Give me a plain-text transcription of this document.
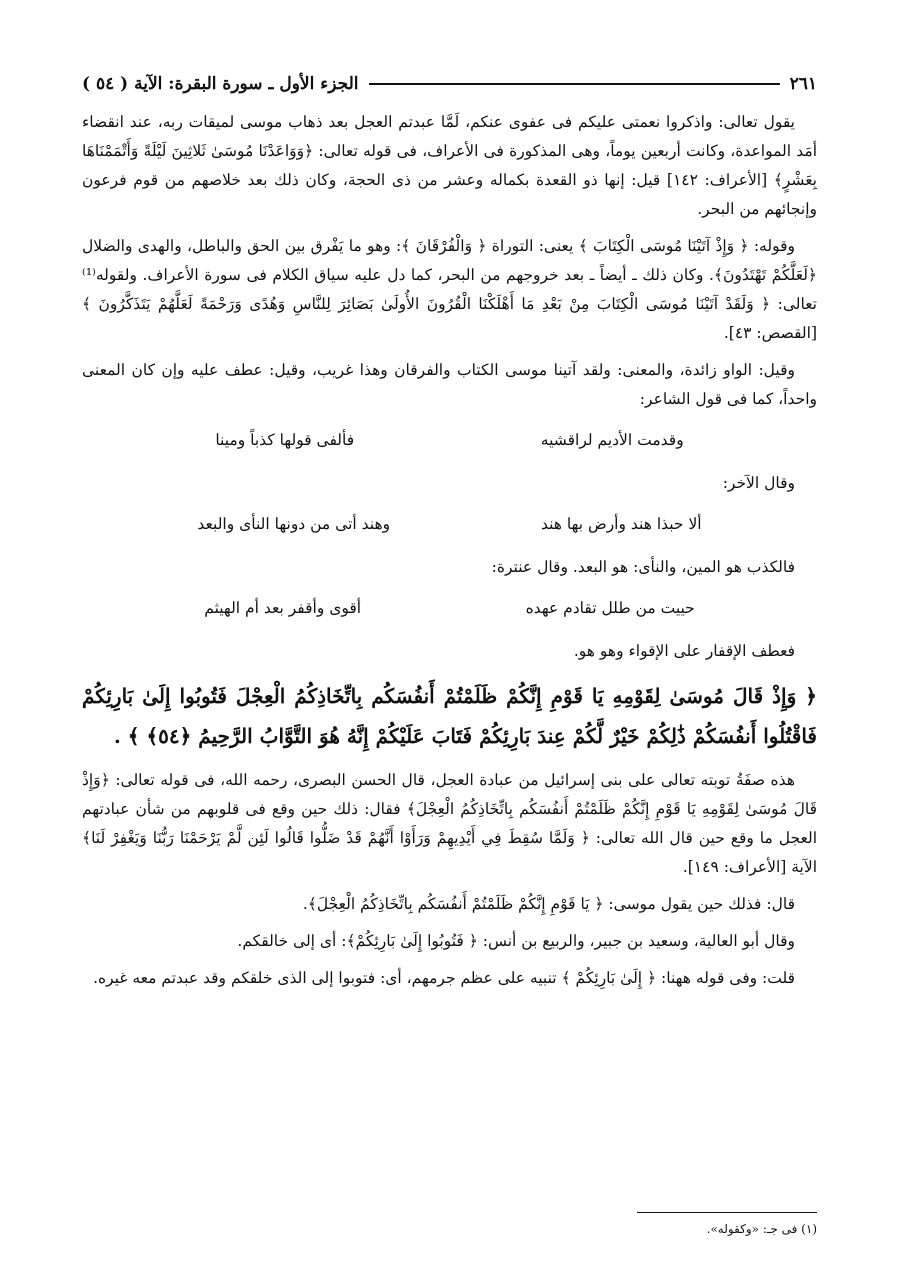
الجزء الأول ـ سورة البقرة: الآية ( ٥٤ )	٢٦١

يقول تعالى: واذكروا نعمتى عليكم فى عفوى عنكم، لَمَّا عبدتم العجل بعد ذهاب موسى لميقات ربه، عند انقضاء أمَد المواعدة، وكانت أربعين يوماً، وهى المذكورة فى الأعراف، فى قوله تعالى: ﴿وَوَاعَدْنَا مُوسَىٰ ثَلاثِينَ لَيْلَةً وَأَتْمَمْنَاهَا بِعَشْرٍ﴾ [الأعراف: ١٤٢] قيل: إنها ذو القعدة بكماله وعشر من ذى الحجة، وكان ذلك بعد خلاصهم من قوم فرعون وإنجائهم من البحر.

وقوله: ﴿ وَإِذْ آتَيْنَا مُوسَى الْكِتَابَ ﴾ يعنى: التوراة ﴿ وَالْفُرْقَانَ ﴾: وهو ما يَفْرق بين الحق والباطل، والهدى والضلال ﴿لَعَلَّكُمْ تَهْتَدُونَ﴾. وكان ذلك ـ أيضاً ـ بعد خروجهم من البحر، كما دل عليه سياق الكلام فى سورة الأعراف. ولقوله⁽¹⁾ تعالى: ﴿ وَلَقَدْ آتَيْنَا مُوسَى الْكِتَابَ مِنْ بَعْدِ مَا أَهْلَكْنَا الْقُرُونَ الأُولَىٰ بَصَائِرَ لِلنَّاسِ وَهُدًى وَرَحْمَةً لَعَلَّهُمْ يَتَذَكَّرُونَ ﴾ [القصص: ٤٣].

وقيل: الواو زائدة، والمعنى: ولقد آتينا موسى الكتاب والفرقان وهذا غريب، وقيل: عطف عليه وإن كان المعنى واحداً، كما فى قول الشاعر:

وقدمت الأديم لراقشيه
فألفى قولها كذباً ومينا

وقال الآخر:

ألا حبذا هند وأرض بها هند
وهند أتى من دونها النأى والبعد

فالكذب هو المين، والنأى: هو البعد. وقال عنترة:

حييت من طلل تقادم عهده
أقوى وأقفر بعد أم الهيثم

فعطف الإقفار على الإقواء وهو هو.

﴿ وَإِذْ قَالَ مُوسَىٰ لِقَوْمِهِ يَا قَوْمِ إِنَّكُمْ ظَلَمْتُمْ أَنفُسَكُم بِاتِّخَاذِكُمُ الْعِجْلَ فَتُوبُوا إِلَىٰ بَارِئِكُمْ فَاقْتُلُوا أَنفُسَكُمْ ذَٰلِكُمْ خَيْرٌ لَّكُمْ عِندَ بَارِئِكُمْ فَتَابَ عَلَيْكُمْ إِنَّهُ هُوَ التَّوَّابُ الرَّحِيمُ ﴿٥٤﴾ ﴾ .

هذه صفَةُ توبته تعالى على بنى إسرائيل من عبادة العجل، قال الحسن البصرى، رحمه الله، فى قوله تعالى: ﴿وَإِذْ قَالَ مُوسَىٰ لِقَوْمِهِ يَا قَوْمِ إِنَّكُمْ ظَلَمْتُمْ أَنفُسَكُم بِاتِّخَاذِكُمُ الْعِجْلَ﴾ فقال: ذلك حين وقع فى قلوبهم من شأن عبادتهم العجل ما وقع حين قال الله تعالى: ﴿ وَلَمَّا سُقِطَ فِي أَيْدِيهِمْ وَرَأَوْا أَنَّهُمْ قَدْ ضَلُّوا قَالُوا لَئِن لَّمْ يَرْحَمْنَا رَبُّنَا وَيَغْفِرْ لَنَا﴾ الآية [الأعراف: ١٤٩].

قال: فذلك حين يقول موسى: ﴿ يَا قَوْمِ إِنَّكُمْ ظَلَمْتُمْ أَنفُسَكُم بِاتِّخَاذِكُمُ الْعِجْلَ﴾.

وقال أبو العالية، وسعيد بن جبير، والربيع بن أنس: ﴿ فَتُوبُوا إِلَىٰ بَارِئِكُمْ﴾: أى إلى خالقكم.

قلت: وفى قوله ههنا: ﴿ إِلَىٰ بَارِئِكُمْ ﴾ تنبيه على عظم جرمهم، أى: فتوبوا إلى الذى خلقكم وقد عبدتم معه غيره.

(١) فى جـ: «وكقوله».
